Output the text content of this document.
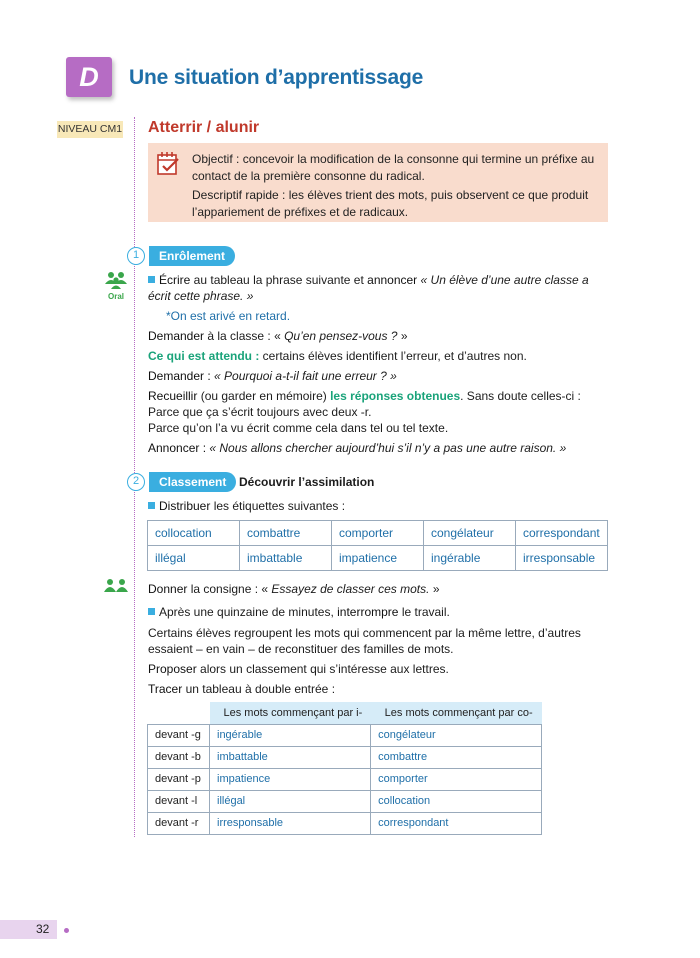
D	Une situation d’apprentissage
NIVEAU CM1 Atterrir / alunir

Objectif : concevoir la modification de la consonne qui termine un préfixe au contact de la première consonne du radical.

Descriptif rapide : les élèves trient des mots, puis observent ce que produit l’appariement de préfixes et de radicaux.

1	Enrôlement
Oral
Écrire au tableau la phrase suivante et annoncer « Un élève d’une autre classe a
écrit cette phrase. »
*On est arivé en retard.
Demander à la classe : « Qu’en pensez-vous ? »
Ce qui est attendu : certains élèves identifient l’erreur, et d’autres non.
Demander : « Pourquoi a-t-il fait une erreur ? »
Recueillir (ou garder en mémoire) les réponses obtenues. Sans doute celles-ci :
Parce que ça s’écrit toujours avec deux -r.
Parce qu’on l’a vu écrit comme cela dans tel ou tel texte.
Annoncer : « Nous allons chercher aujourd’hui s’il n’y a pas une autre raison. »
2	Classement	Découvrir l’assimilation
Distribuer les étiquettes suivantes :
collocation	combattre	comporter	congélateur	correspondant
illégal	imbattable	impatience	ingérable	irresponsable
Donner la consigne : « Essayez de classer ces mots. »
Après une quinzaine de minutes, interrompre le travail.
Certains élèves regroupent les mots qui commencent par la même lettre, d’autres
essaient – en vain – de reconstituer des familles de mots.
Proposer alors un classement qui s’intéresse aux lettres.
Tracer un tableau à double entrée :
	Les mots commençant par i-	Les mots commençant par co-
devant -g	ingérable	congélateur
devant -b	imbattable	combattre
devant -p	impatience	comporter
devant -l	illégal	collocation
devant -r	irresponsable	correspondant
32
